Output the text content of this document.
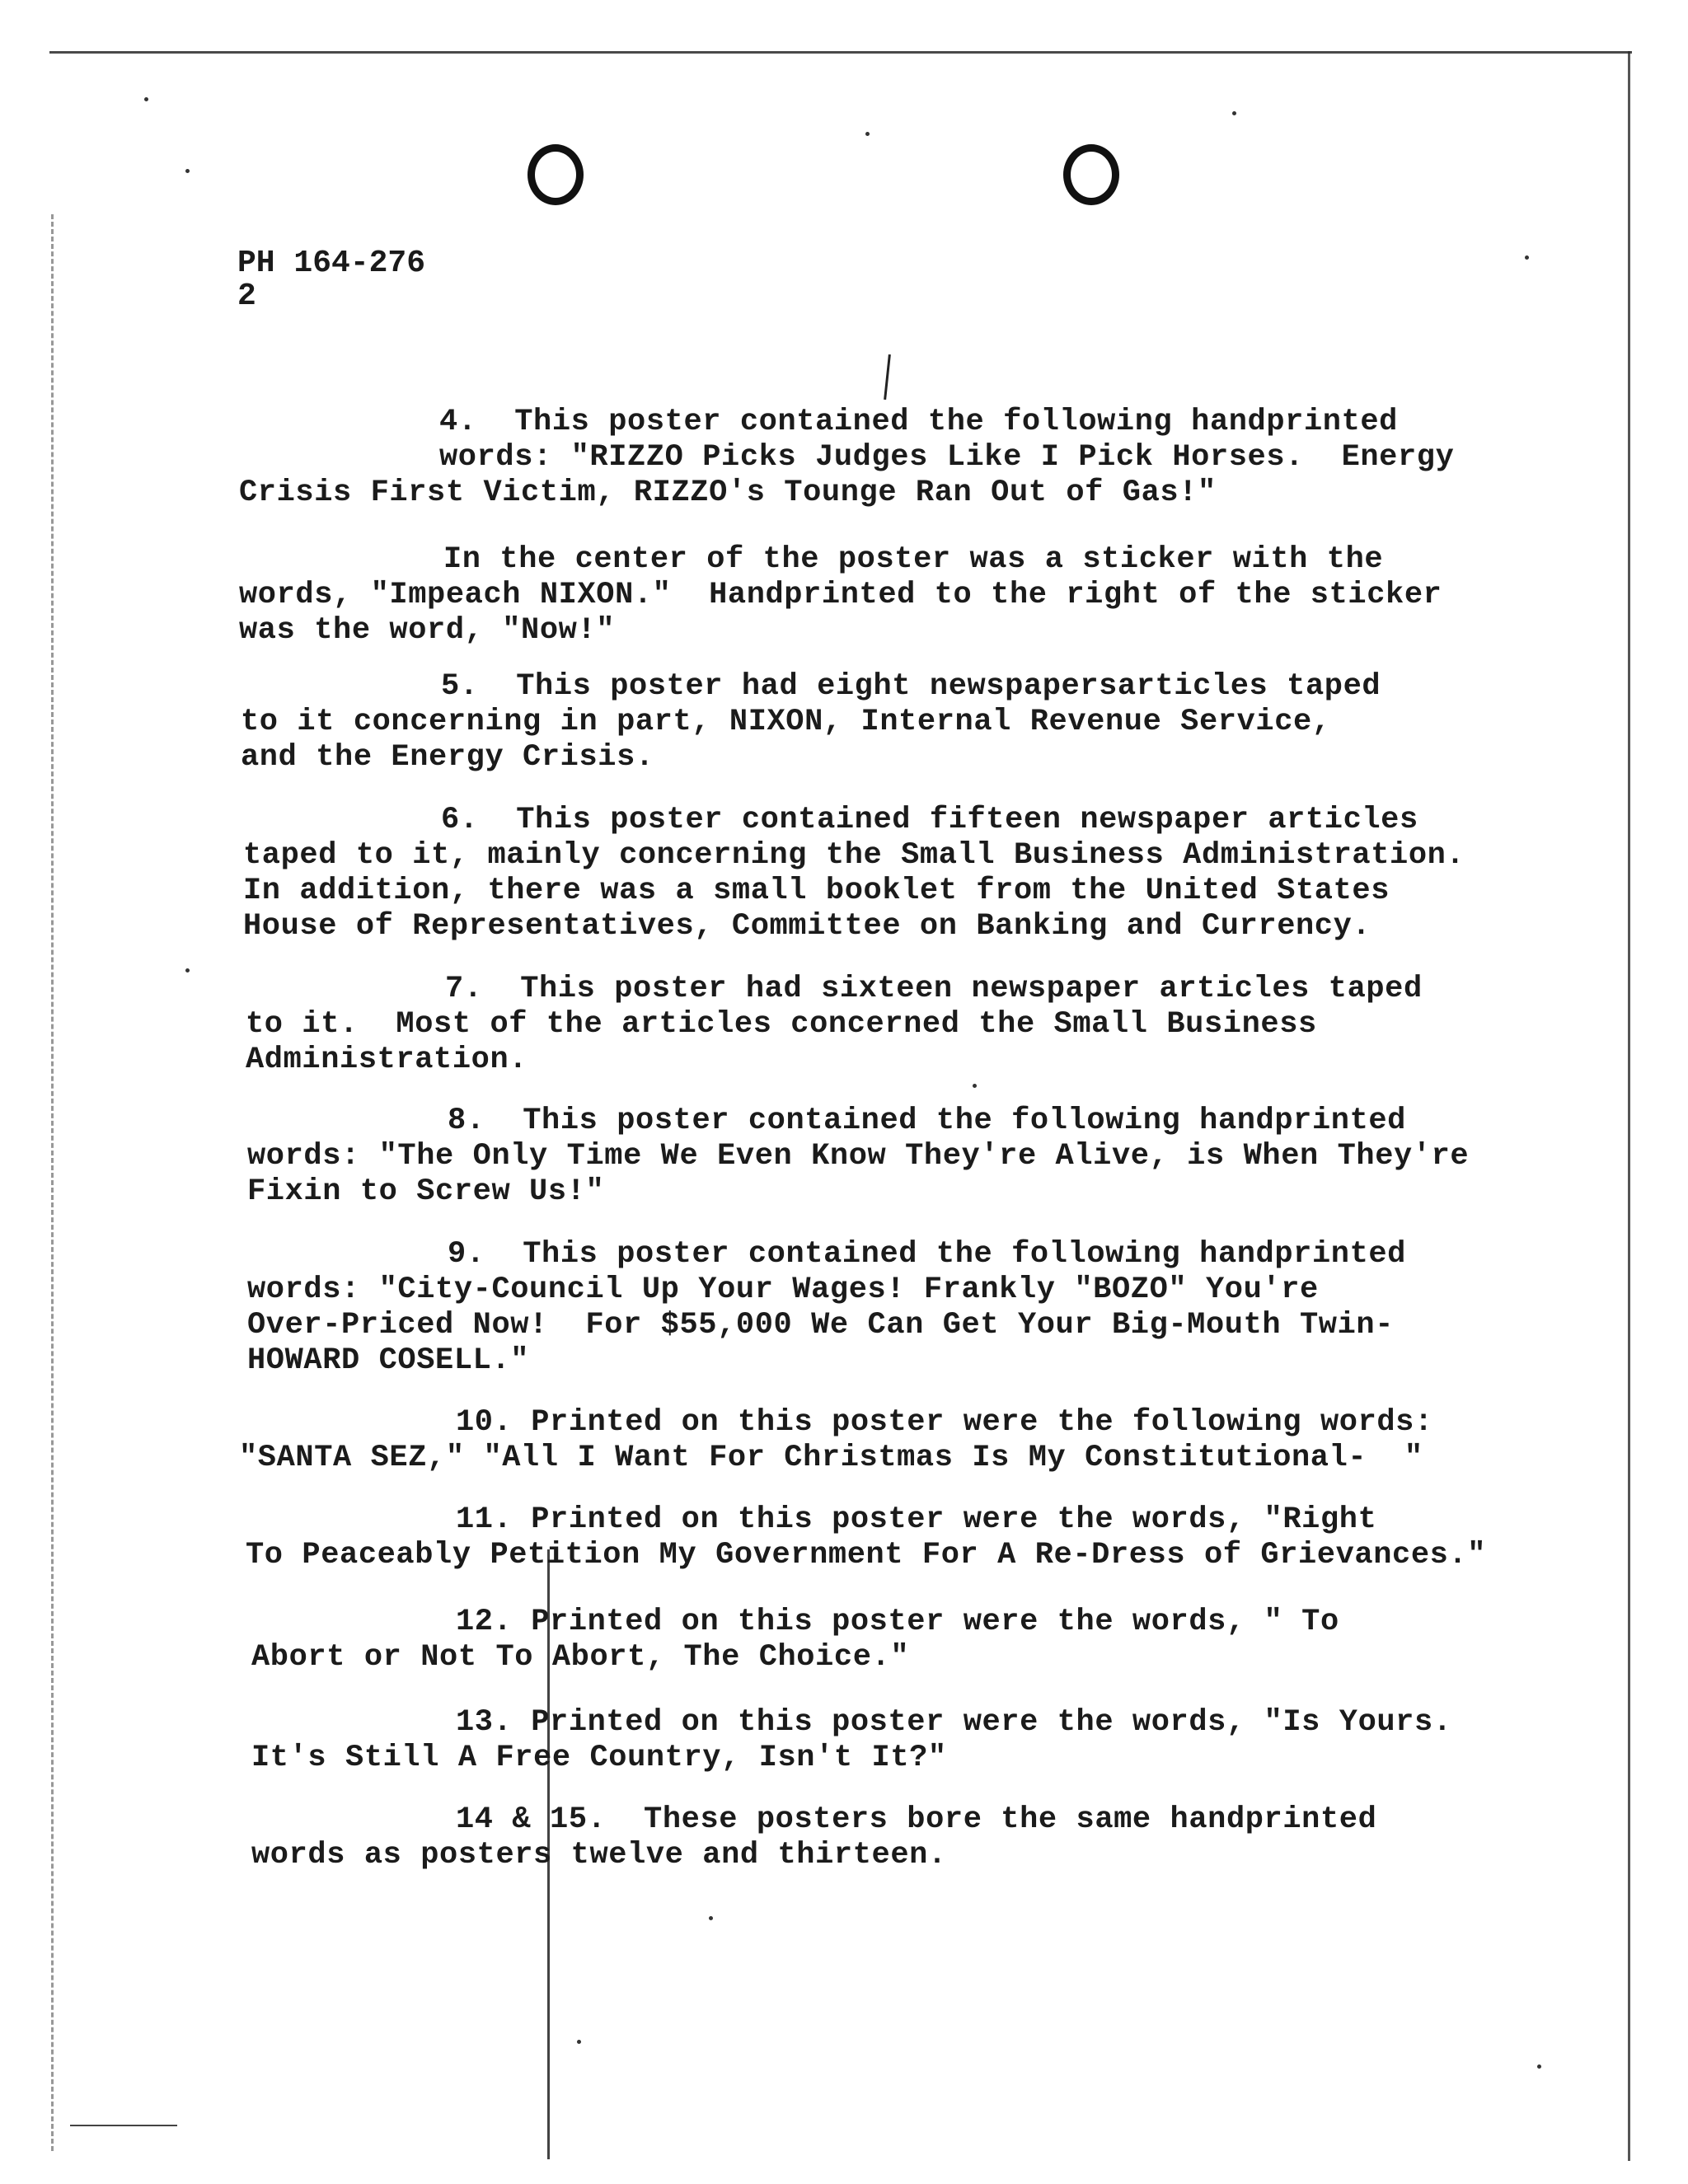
PH 164-276
2
4.  This poster contained the following handprinted
words: "RIZZO Picks Judges Like I Pick Horses.  Energy
Crisis First Victim, RIZZO's Tounge Ran Out of Gas!"
In the center of the poster was a sticker with the
words, "Impeach NIXON."  Handprinted to the right of the sticker
was the word, "Now!"
5.  This poster had eight newspapersarticles taped
to it concerning in part, NIXON, Internal Revenue Service,
and the Energy Crisis.
6.  This poster contained fifteen newspaper articles
taped to it, mainly concerning the Small Business Administration.
In addition, there was a small booklet from the United States
House of Representatives, Committee on Banking and Currency.
7.  This poster had sixteen newspaper articles taped
to it.  Most of the articles concerned the Small Business
Administration.
8.  This poster contained the following handprinted
words: "The Only Time We Even Know They're Alive, is When They're
Fixin to Screw Us!"
9.  This poster contained the following handprinted
words: "City-Council Up Your Wages! Frankly "BOZO" You're
Over-Priced Now!  For $55,000 We Can Get Your Big-Mouth Twin-
HOWARD COSELL."
10. Printed on this poster were the following words:
"SANTA SEZ," "All I Want For Christmas Is My Constitutional-  "
11. Printed on this poster were the words, "Right
To Peaceably Petition My Government For A Re-Dress of Grievances."
12. Printed on this poster were the words, " To
Abort or Not To Abort, The Choice."
13. Printed on this poster were the words, "Is Yours.
It's Still A Free Country, Isn't It?"
14 & 15.  These posters bore the same handprinted
words as posters twelve and thirteen.
